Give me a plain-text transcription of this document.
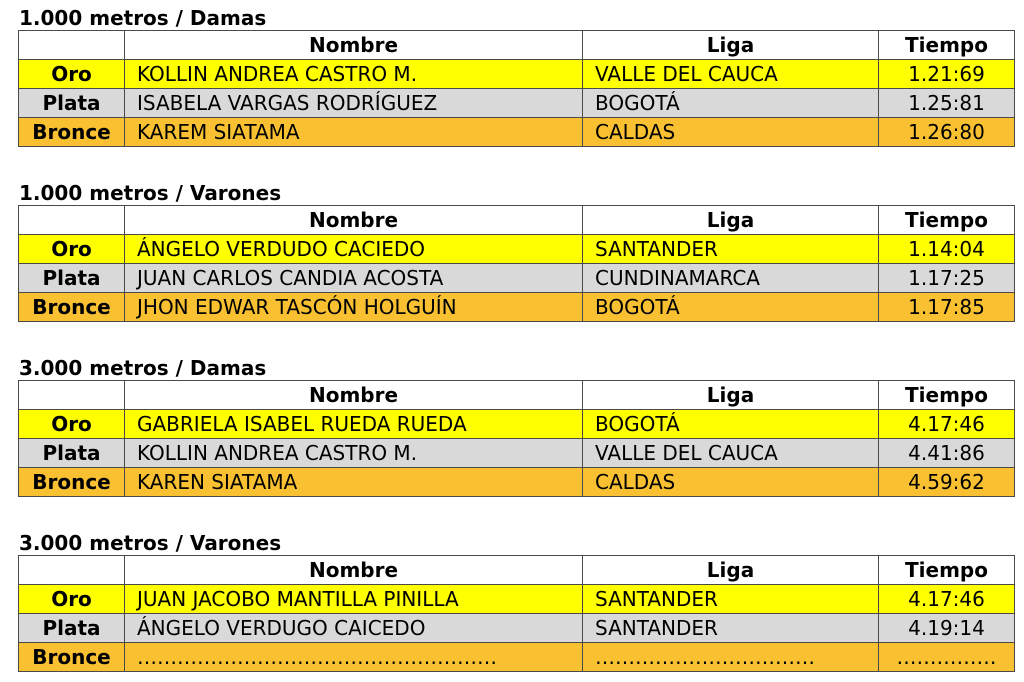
1.000 metros / Damas
	Nombre	Liga	Tiempo
Oro	KOLLIN ANDREA CASTRO M.	VALLE DEL CAUCA	1.21:69
Plata	ISABELA VARGAS RODRÍGUEZ	BOGOTÁ	1.25:81
Bronce	KAREM SIATAMA	CALDAS	1.26:80
1.000 metros / Varones
	Nombre	Liga	Tiempo
Oro	ÁNGELO VERDUDO CACIEDO	SANTANDER	1.14:04
Plata	JUAN CARLOS CANDIA ACOSTA	CUNDINAMARCA	1.17:25
Bronce	JHON EDWAR TASCÓN HOLGUÍN	BOGOTÁ	1.17:85
3.000 metros / Damas
	Nombre	Liga	Tiempo
Oro	GABRIELA ISABEL RUEDA RUEDA	BOGOTÁ	4.17:46
Plata	KOLLIN ANDREA CASTRO M.	VALLE DEL CAUCA	4.41:86
Bronce	KAREN SIATAMA	CALDAS	4.59:62
3.000 metros / Varones
	Nombre	Liga	Tiempo
Oro	JUAN JACOBO MANTILLA PINILLA	SANTANDER	4.17:46
Plata	ÁNGELO VERDUGO CAICEDO	SANTANDER	4.19:14
Bronce	………………………………………………	……………………………	……………
